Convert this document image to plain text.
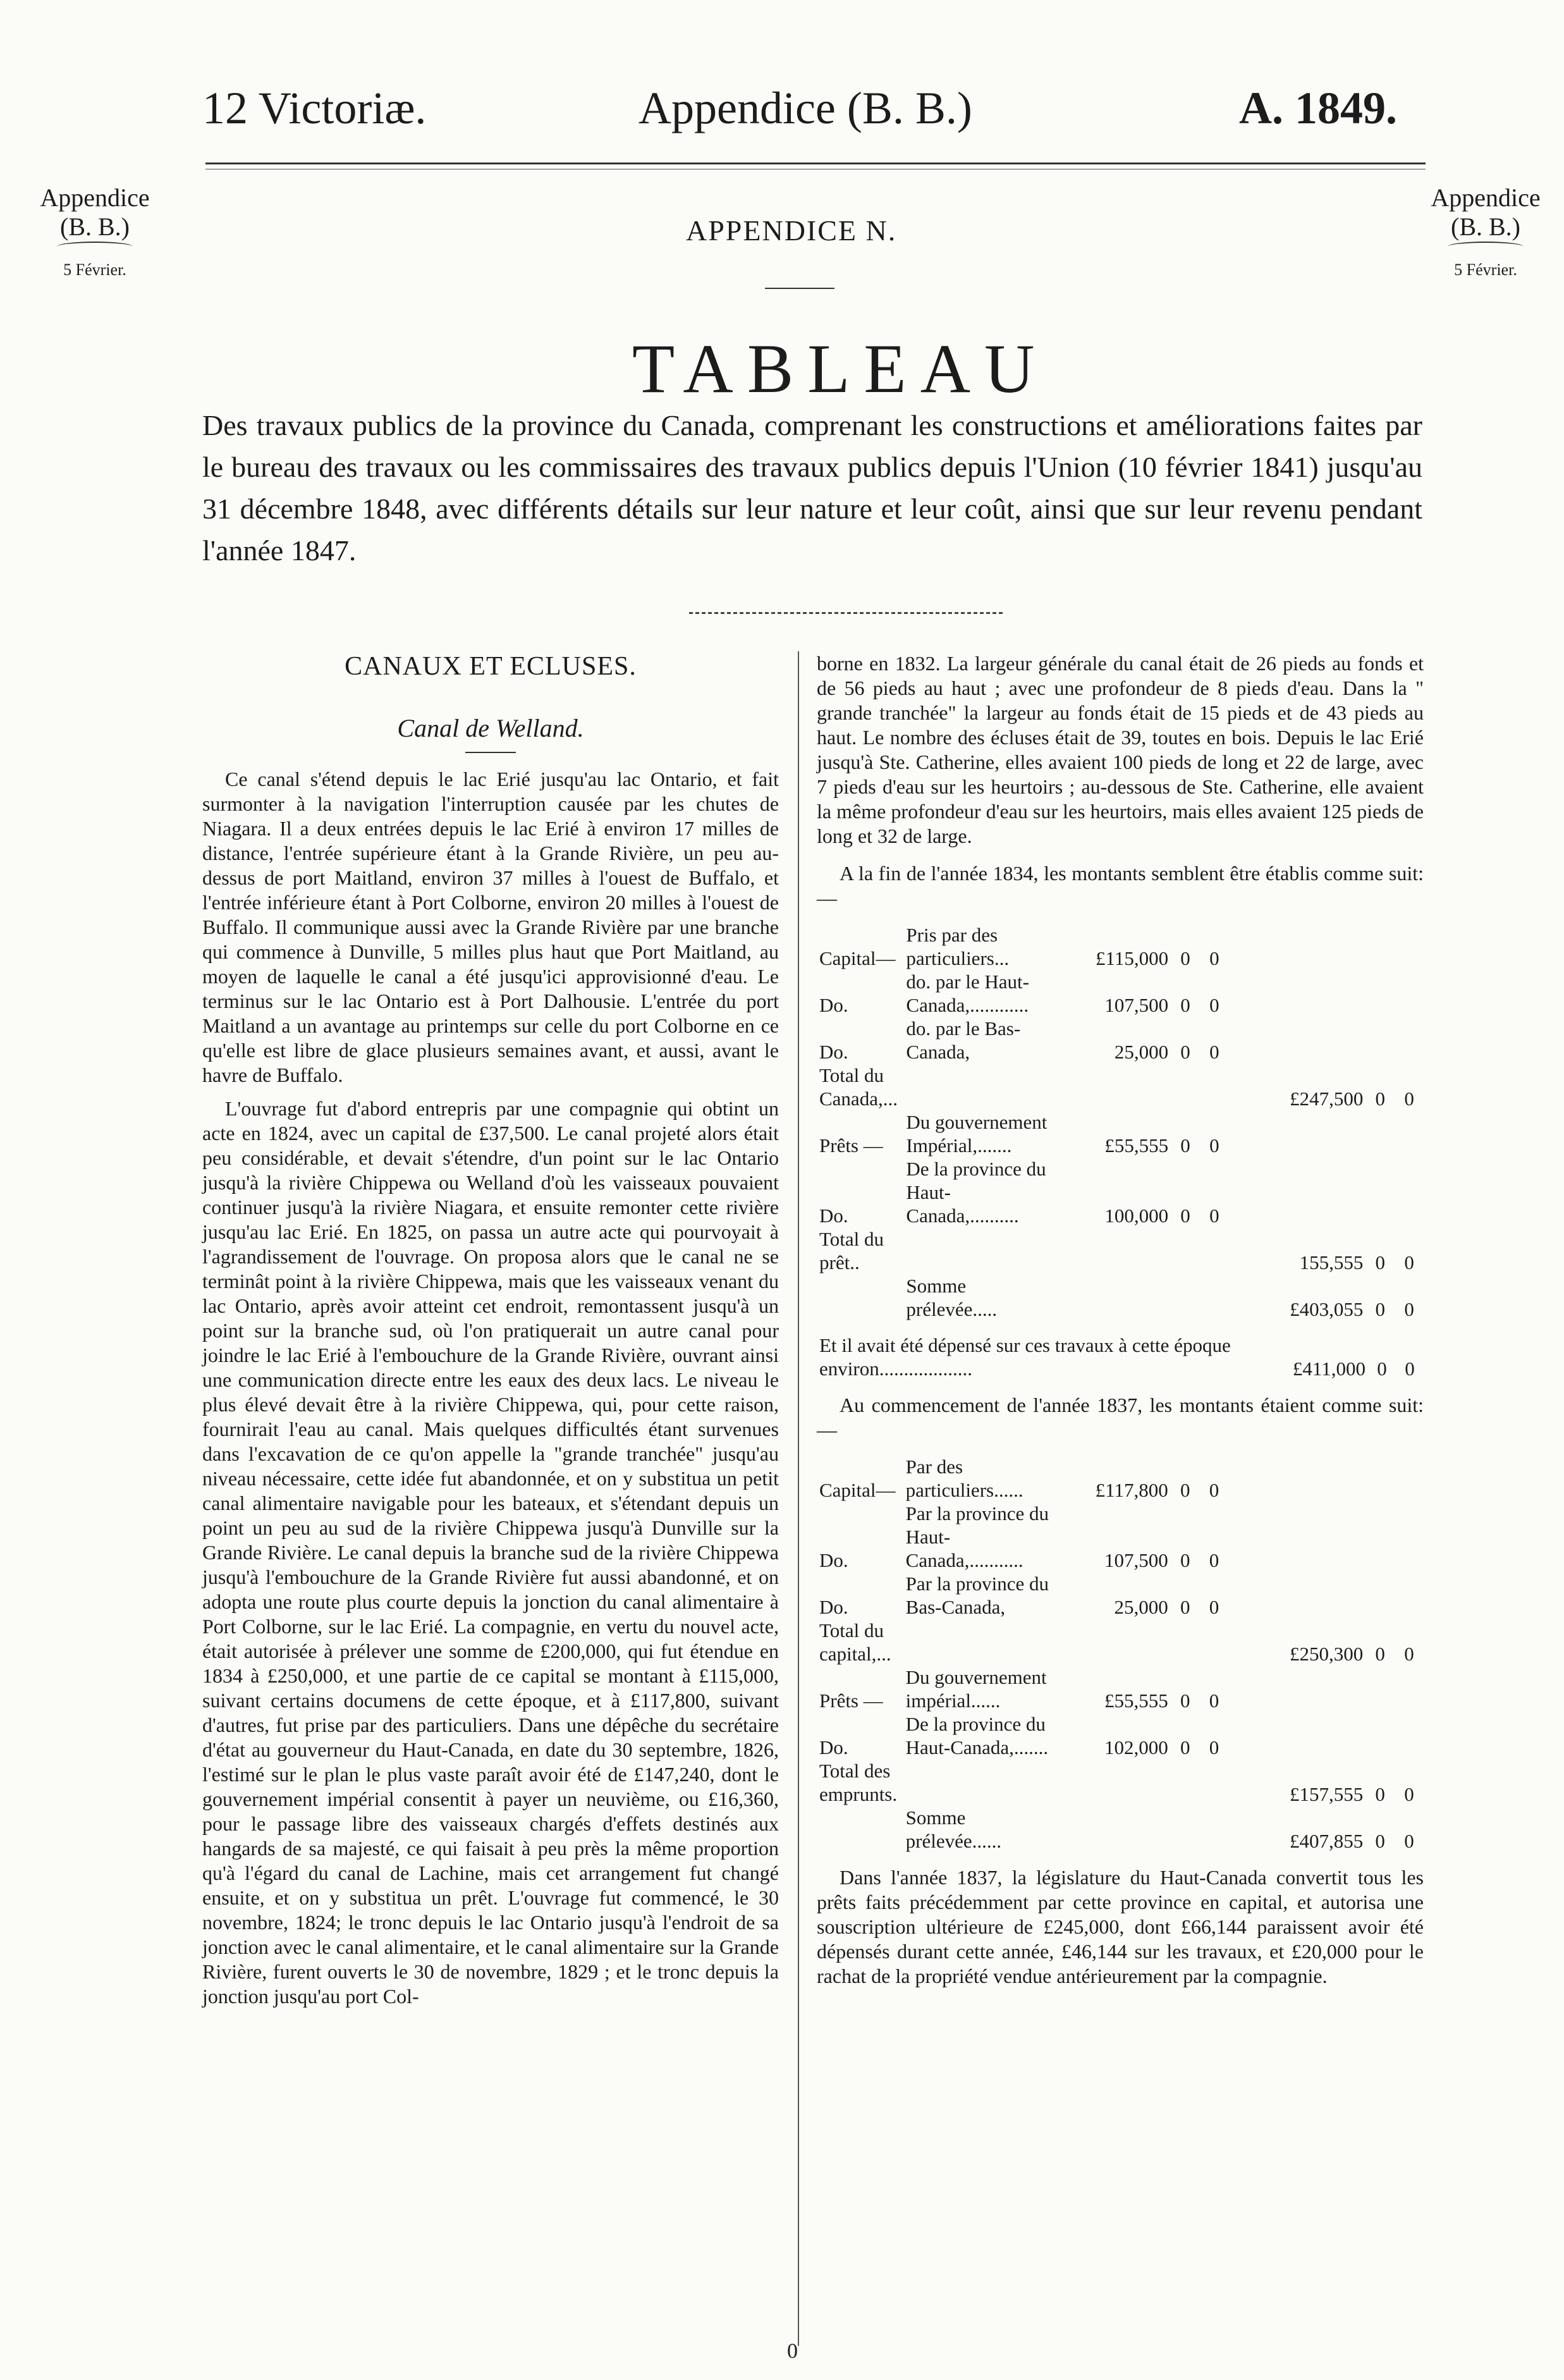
12 Victoriæ.	Appendice (B. B.)	A. 1849.
Appendice
(B. B.)
5 Février.
Appendice
(B. B.)
5 Février.
APPENDICE N.
TABLEAU
Des travaux publics de la province du Canada, comprenant les constructions et améliorations faites par le bureau des travaux ou les commissaires des travaux publics depuis l'Union (10 février 1841) jusqu'au 31 décembre 1848, avec différents détails sur leur nature et leur coût, ainsi que sur leur revenu pendant l'année 1847.
CANAUX ET ECLUSES.
Canal de Welland.

Ce canal s'étend depuis le lac Erié jusqu'au lac Ontario, et fait surmonter à la navigation l'interruption causée par les chutes de Niagara. Il a deux entrées depuis le lac Erié à environ 17 milles de distance, l'entrée supérieure étant à la Grande Rivière, un peu au-dessus de port Maitland, environ 37 milles à l'ouest de Buffalo, et l'entrée inférieure étant à Port Colborne, environ 20 milles à l'ouest de Buffalo. Il communique aussi avec la Grande Rivière par une branche qui commence à Dunville, 5 milles plus haut que Port Maitland, au moyen de laquelle le canal a été jusqu'ici approvisionné d'eau. Le terminus sur le lac Ontario est à Port Dalhousie. L'entrée du port Maitland a un avantage au printemps sur celle du port Colborne en ce qu'elle est libre de glace plusieurs semaines avant, et aussi, avant le havre de Buffalo.

L'ouvrage fut d'abord entrepris par une compagnie qui obtint un acte en 1824, avec un capital de £37,500. Le canal projeté alors était peu considérable, et devait s'étendre, d'un point sur le lac Ontario jusqu'à la rivière Chippewa ou Welland d'où les vaisseaux pouvaient continuer jusqu'à la rivière Niagara, et ensuite remonter cette rivière jusqu'au lac Erié. En 1825, on passa un autre acte qui pourvoyait à l'agrandissement de l'ouvrage. On proposa alors que le canal ne se terminât point à la rivière Chippewa, mais que les vaisseaux venant du lac Ontario, après avoir atteint cet endroit, remontassent jusqu'à un point sur la branche sud, où l'on pratiquerait un autre canal pour joindre le lac Erié à l'embouchure de la Grande Rivière, ouvrant ainsi une communication directe entre les eaux des deux lacs. Le niveau le plus élevé devait être à la rivière Chippewa, qui, pour cette raison, fournirait l'eau au canal. Mais quelques difficultés étant survenues dans l'excavation de ce qu'on appelle la "grande tranchée" jusqu'au niveau nécessaire, cette idée fut abandonnée, et on y substitua un petit canal alimentaire navigable pour les bateaux, et s'étendant depuis un point un peu au sud de la rivière Chippewa jusqu'à Dunville sur la Grande Rivière. Le canal depuis la branche sud de la rivière Chippewa jusqu'à l'embouchure de la Grande Rivière fut aussi abandonné, et on adopta une route plus courte depuis la jonction du canal alimentaire à Port Colborne, sur le lac Erié. La compagnie, en vertu du nouvel acte, était autorisée à prélever une somme de £200,000, qui fut étendue en 1834 à £250,000, et une partie de ce capital se montant à £115,000, suivant certains documens de cette époque, et à £117,800, suivant d'autres, fut prise par des particuliers. Dans une dépêche du secrétaire d'état au gouverneur du Haut-Canada, en date du 30 septembre, 1826, l'estimé sur le plan le plus vaste paraît avoir été de £147,240, dont le gouvernement impérial consentit à payer un neuvième, ou £16,360, pour le passage libre des vaisseaux chargés d'effets destinés aux hangards de sa majesté, ce qui faisait à peu près la même proportion qu'à l'égard du canal de Lachine, mais cet arrangement fut changé ensuite, et on y substitua un prêt. L'ouvrage fut commencé, le 30 novembre, 1824; le tronc depuis le lac Ontario jusqu'à l'endroit de sa jonction avec le canal alimentaire, et le canal alimentaire sur la Grande Rivière, furent ouverts le 30 de novembre, 1829 ; et le tronc depuis la jonction jusqu'au port Col-

borne en 1832. La largeur générale du canal était de 26 pieds au fonds et de 56 pieds au haut ; avec une profondeur de 8 pieds d'eau. Dans la " grande tranchée" la largeur au fonds était de 15 pieds et de 43 pieds au haut. Le nombre des écluses était de 39, toutes en bois. Depuis le lac Erié jusqu'à Ste. Catherine, elles avaient 100 pieds de long et 22 de large, avec 7 pieds d'eau sur les heurtoirs ; au-dessous de Ste. Catherine, elle avaient la même profondeur d'eau sur les heurtoirs, mais elles avaient 125 pieds de long et 32 de large.

A la fin de l'année 1834, les montants semblent être établis comme suit:—

Capital—	Pris par des particuliers...	£115,000	0	0			
Do.	do. par le Haut-Canada,............	107,500	0	0			
Do.	do. par le Bas-Canada,	25,000	0	0			
Total du Canada,...					£247,500	0	0
Prêts —	Du gouvernement Impérial,.......	£55,555	0	0			
Do.	De la province du Haut-Canada,..........	100,000	0	0			
Total du prêt..					155,555	0	0
	Somme prélevée.....				£403,055	0	0
Et il avait été dépensé sur ces travaux à cette époque environ...................	£411,000	0	0

Au commencement de l'année 1837, les montants étaient comme suit:—

Capital—	Par des particuliers......	£117,800	0	0			
Do.	Par la province du Haut-Canada,...........	107,500	0	0			
Do.	Par la province du Bas-Canada,	25,000	0	0			
Total du capital,...					£250,300	0	0
Prêts —	Du gouvernement impérial......	£55,555	0	0			
Do.	De la province du Haut-Canada,.......	102,000	0	0			
Total des emprunts.					£157,555	0	0
	Somme prélevée......				£407,855	0	0

Dans l'année 1837, la législature du Haut-Canada convertit tous les prêts faits précédemment par cette province en capital, et autorisa une souscription ultérieure de £245,000, dont £66,144 paraissent avoir été dépensés durant cette année, £46,144 sur les travaux, et £20,000 pour le rachat de la propriété vendue antérieurement par la compagnie.

0
